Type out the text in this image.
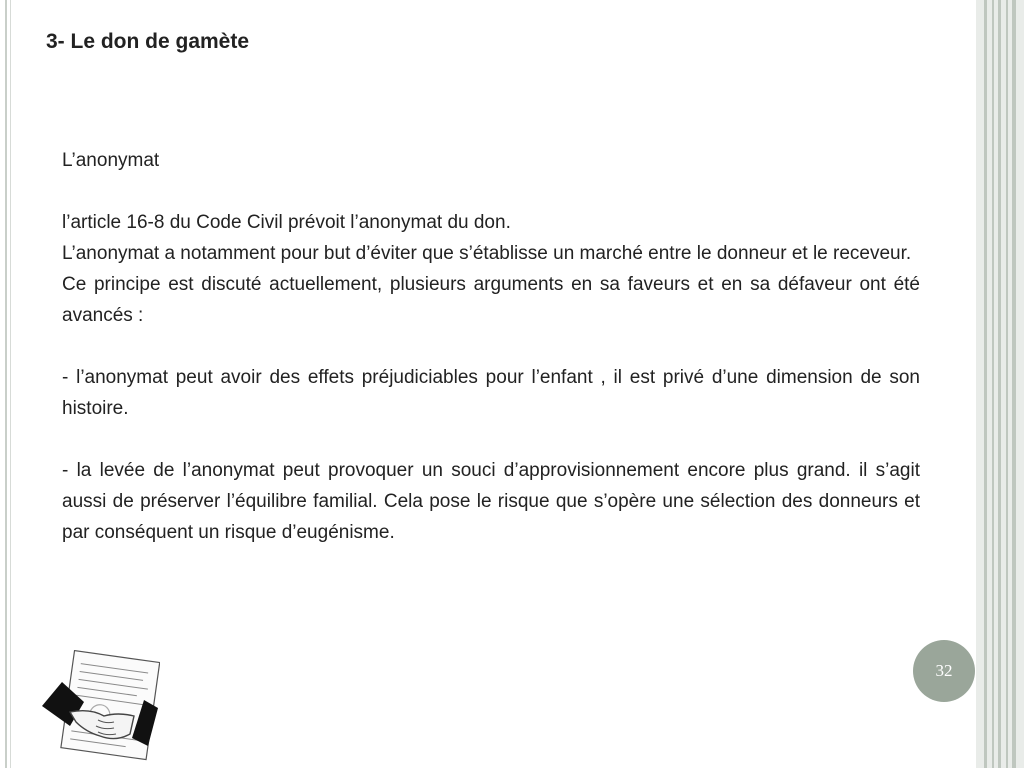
3- Le don de gamète

L’anonymat

l’article 16-8 du Code Civil prévoit l’anonymat du don.

L’anonymat a notamment pour but d’éviter que s’établisse un marché entre le donneur et le receveur.

Ce principe est discuté actuellement, plusieurs arguments en sa faveurs et en sa défaveur ont été avancés :

- l’anonymat peut avoir des effets préjudiciables pour l’enfant , il est privé d’une dimension de son histoire.

- la levée de l’anonymat peut provoquer un souci d’approvisionnement encore plus grand. il s’agit aussi de préserver l’équilibre familial. Cela pose le risque que s’opère une sélection des donneurs et par conséquent un risque d’eugénisme.

32
